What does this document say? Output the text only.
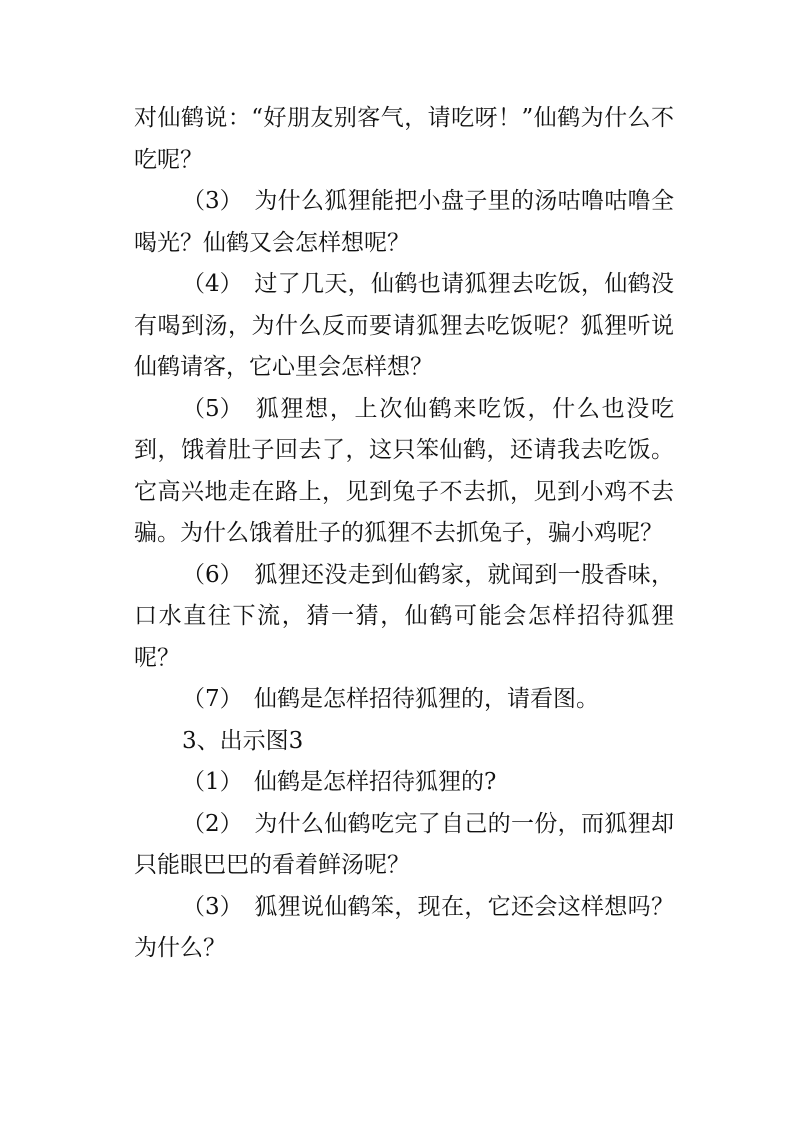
对仙鹤说：“好朋友别客气，请吃呀！”仙鹤为什么不吃呢？

（3） 为什么狐狸能把小盘子里的汤咕噜咕噜全喝光？仙鹤又会怎样想呢？

（4） 过了几天，仙鹤也请狐狸去吃饭，仙鹤没有喝到汤，为什么反而要请狐狸去吃饭呢？狐狸听说仙鹤请客，它心里会怎样想？

（5） 狐狸想，上次仙鹤来吃饭，什么也没吃到，饿着肚子回去了，这只笨仙鹤，还请我去吃饭。它高兴地走在路上，见到兔子不去抓，见到小鸡不去骗。为什么饿着肚子的狐狸不去抓兔子，骗小鸡呢？

（6） 狐狸还没走到仙鹤家，就闻到一股香味，口水直往下流，猜一猜，仙鹤可能会怎样招待狐狸呢？

（7） 仙鹤是怎样招待狐狸的，请看图。

3、出示图3

（1） 仙鹤是怎样招待狐狸的?

（2） 为什么仙鹤吃完了自己的一份，而狐狸却只能眼巴巴的看着鲜汤呢？

（3） 狐狸说仙鹤笨，现在，它还会这样想吗？为什么？
